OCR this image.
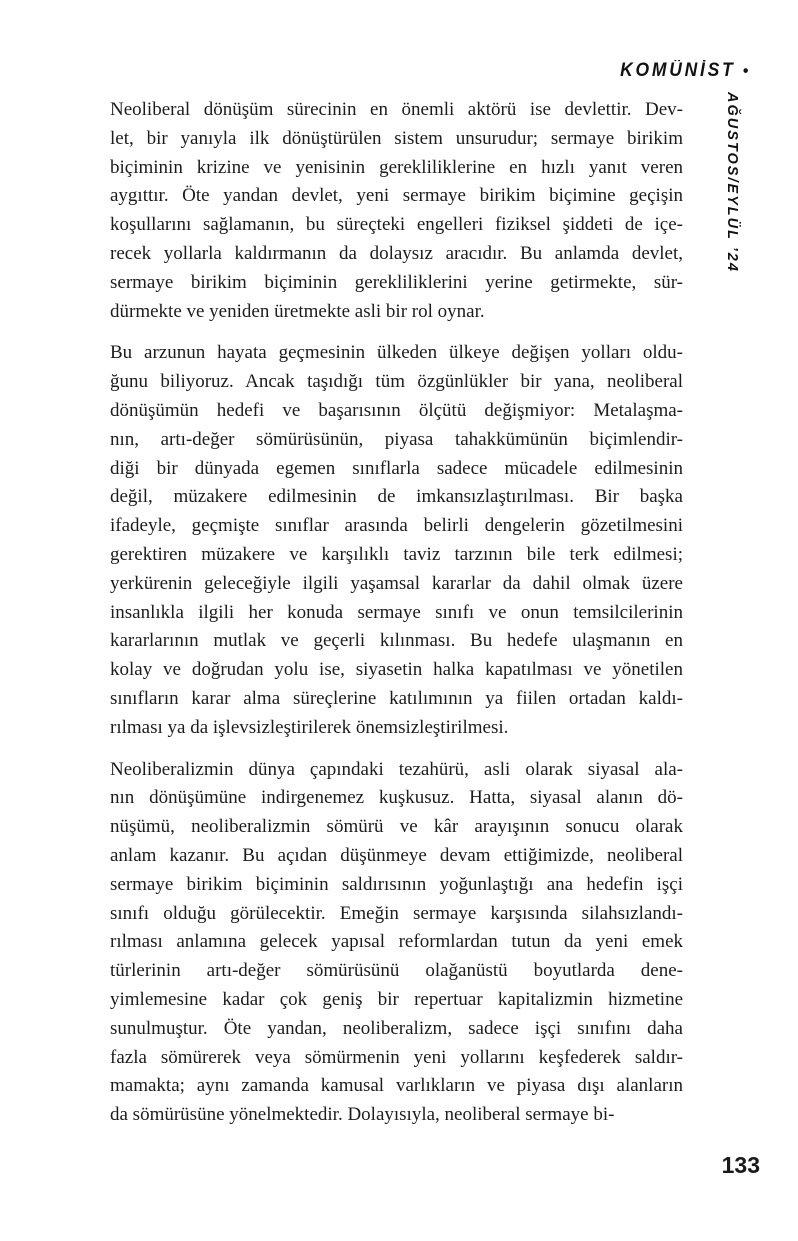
KOMÜNİST •
AĞUSTOS/EYLÜL ’24
Neoliberal dönüşüm sürecinin en önemli aktörü ise devlettir. Dev-
let, bir yanıyla ilk dönüştürülen sistem unsurudur; sermaye birikim
biçiminin krizine ve yenisinin gerekliliklerine en hızlı yanıt veren
aygıttır. Öte yandan devlet, yeni sermaye birikim biçimine geçişin
koşullarını sağlamanın, bu süreçteki engelleri fiziksel şiddeti de içe-
recek yollarla kaldırmanın da dolaysız aracıdır. Bu anlamda devlet,
sermaye birikim biçiminin gerekliliklerini yerine getirmekte, sür-
dürmekte ve yeniden üretmekte asli bir rol oynar.
Bu arzunun hayata geçmesinin ülkeden ülkeye değişen yolları oldu-
ğunu biliyoruz. Ancak taşıdığı tüm özgünlükler bir yana, neoliberal
dönüşümün hedefi ve başarısının ölçütü değişmiyor: Metalaşma-
nın, artı-değer sömürüsünün, piyasa tahakkümünün biçimlendir-
diği bir dünyada egemen sınıflarla sadece mücadele edilmesinin
değil, müzakere edilmesinin de imkansızlaştırılması. Bir başka
ifadeyle, geçmişte sınıflar arasında belirli dengelerin gözetilmesini
gerektiren müzakere ve karşılıklı taviz tarzının bile terk edilmesi;
yerkürenin geleceğiyle ilgili yaşamsal kararlar da dahil olmak üzere
insanlıkla ilgili her konuda sermaye sınıfı ve onun temsilcilerinin
kararlarının mutlak ve geçerli kılınması. Bu hedefe ulaşmanın en
kolay ve doğrudan yolu ise, siyasetin halka kapatılması ve yönetilen
sınıfların karar alma süreçlerine katılımının ya fiilen ortadan kaldı-
rılması ya da işlevsizleştirilerek önemsizleştirilmesi.
Neoliberalizmin dünya çapındaki tezahürü, asli olarak siyasal ala-
nın dönüşümüne indirgenemez kuşkusuz. Hatta, siyasal alanın dö-
nüşümü, neoliberalizmin sömürü ve kâr arayışının sonucu olarak
anlam kazanır. Bu açıdan düşünmeye devam ettiğimizde, neoliberal
sermaye birikim biçiminin saldırısının yoğunlaştığı ana hedefin işçi
sınıfı olduğu görülecektir. Emeğin sermaye karşısında silahsızlandı-
rılması anlamına gelecek yapısal reformlardan tutun da yeni emek
türlerinin artı-değer sömürüsünü olağanüstü boyutlarda dene-
yimlemesine kadar çok geniş bir repertuar kapitalizmin hizmetine
sunulmuştur. Öte yandan, neoliberalizm, sadece işçi sınıfını daha
fazla sömürerek veya sömürmenin yeni yollarını keşfederek saldır-
mamakta; aynı zamanda kamusal varlıkların ve piyasa dışı alanların
da sömürüsüne yönelmektedir. Dolayısıyla, neoliberal sermaye bi-
133
